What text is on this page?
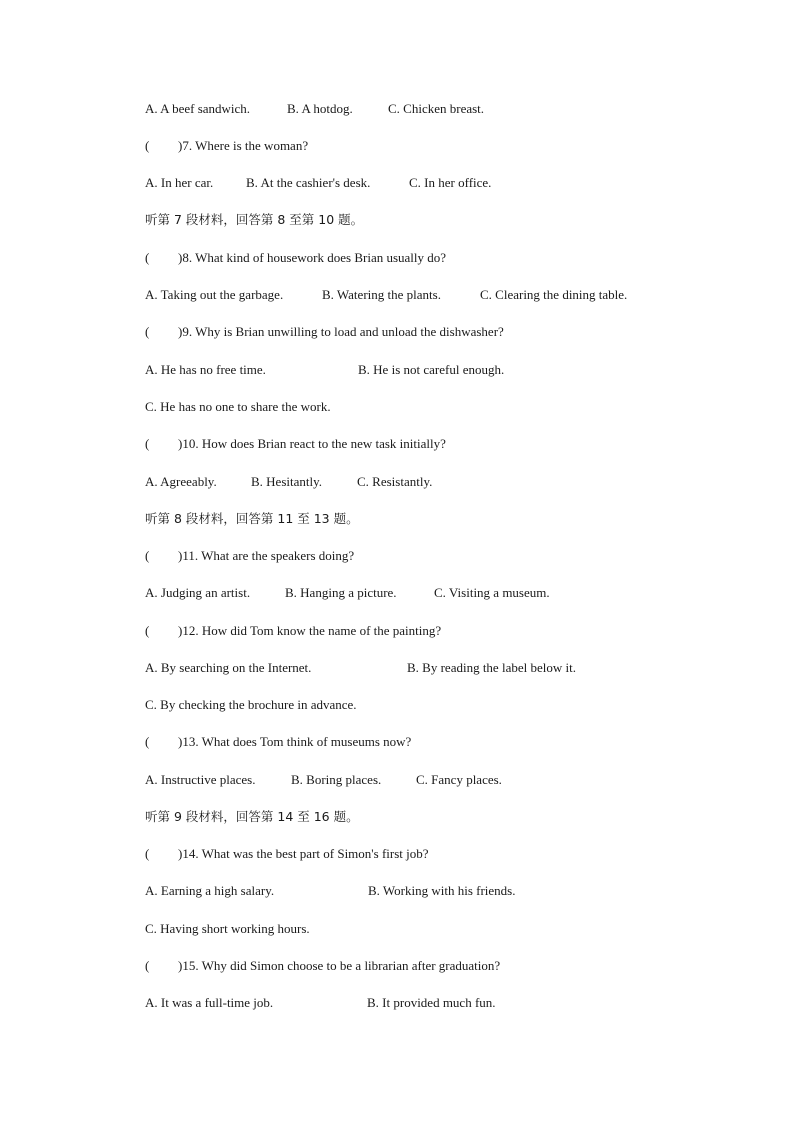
A. A beef sandwich.	B. A hotdog.	C. Chicken breast.
( )7. Where is the woman?
A. In her car.	B. At the cashier's desk.	C. In her office.
听第 7 段材料，回答第 8 至第 10 题。
( )8. What kind of housework does Brian usually do?
A. Taking out the garbage.	B. Watering the plants.	C. Clearing the dining table.
( )9. Why is Brian unwilling to load and unload the dishwasher?
A. He has no free time.	B. He is not careful enough.
C. He has no one to share the work.
( )10. How does Brian react to the new task initially?
A. Agreeably.	B. Hesitantly.	C. Resistantly.
听第 8 段材料，回答第 11 至 13 题。
( )11. What are the speakers doing?
A. Judging an artist.	B. Hanging a picture.	C. Visiting a museum.
( )12. How did Tom know the name of the painting?
A. By searching on the Internet.	B. By reading the label below it.
C. By checking the brochure in advance.
( )13. What does Tom think of museums now?
A. Instructive places.	B. Boring places.	C. Fancy places.
听第 9 段材料，回答第 14 至 16 题。
( )14. What was the best part of Simon's first job?
A. Earning a high salary.	B. Working with his friends.
C. Having short working hours.
( )15. Why did Simon choose to be a librarian after graduation?
A. It was a full-time job.	B. It provided much fun.
